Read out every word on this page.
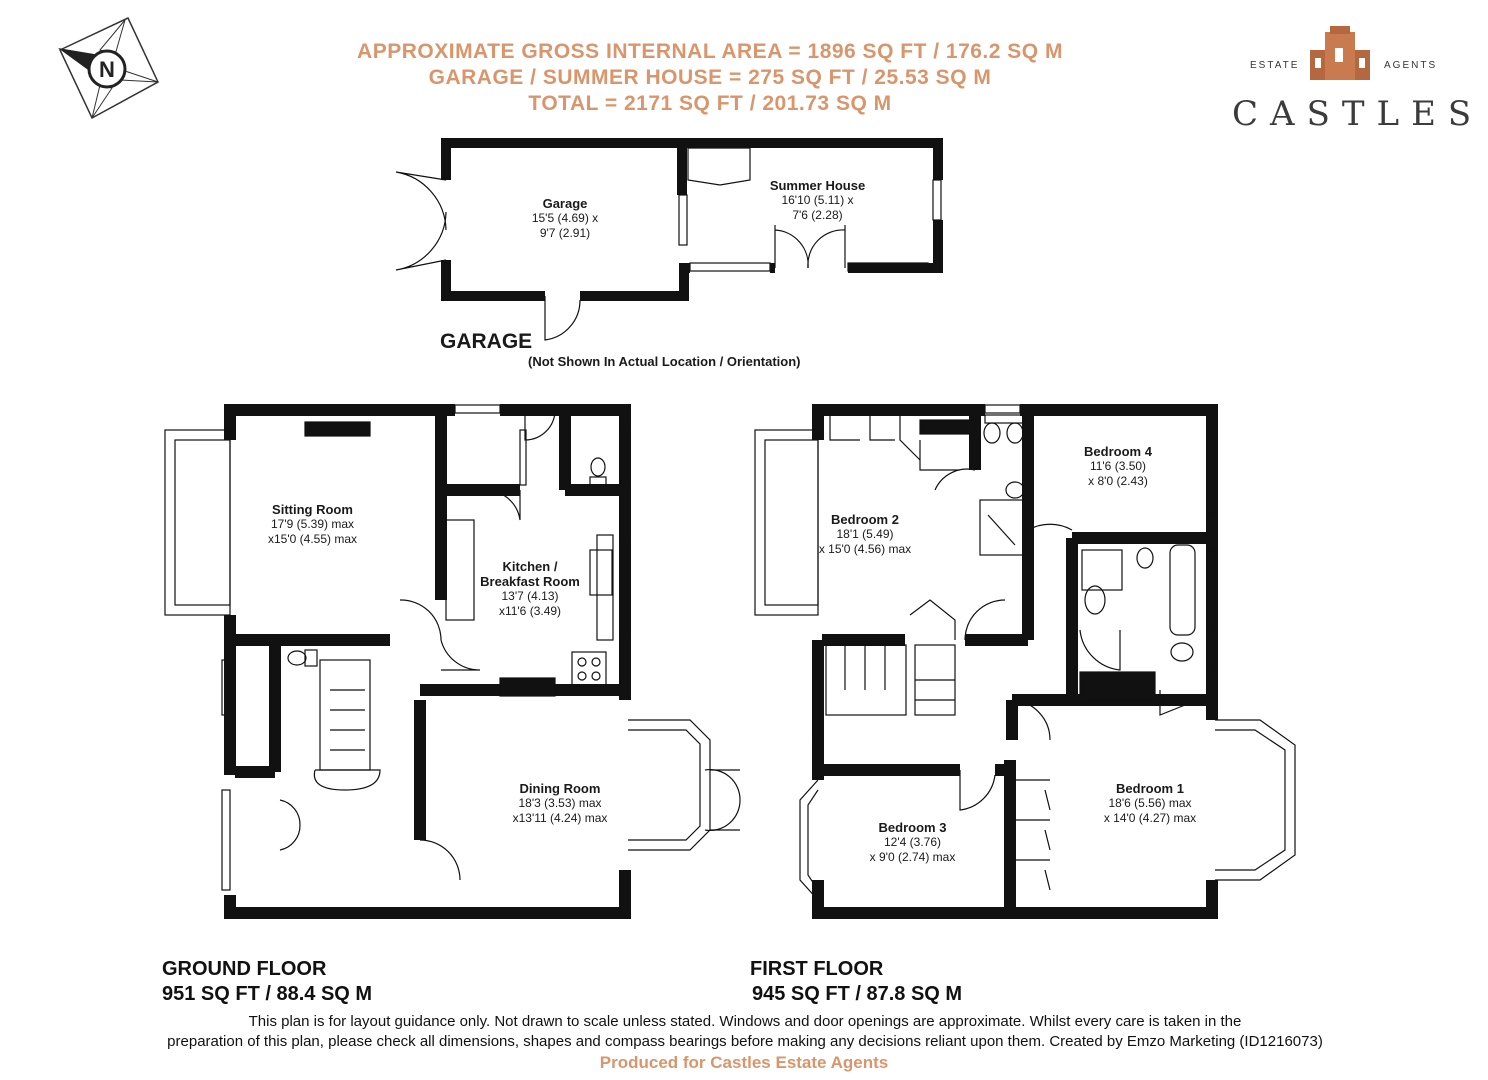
N
APPROXIMATE GROSS INTERNAL AREA = 1896 SQ FT / 176.2 SQ M
GARAGE / SUMMER HOUSE = 275 SQ FT / 25.53 SQ M
TOTAL = 2171 SQ FT / 201.73 SQ M
ESTATE	AGENTS
CASTLES
Garage
15'5 (4.69) x
9'7 (2.91)
Summer House
16'10 (5.11) x
7'6 (2.28)
GARAGE
(Not Shown In Actual Location / Orientation)
Sitting Room
17'9 (5.39) max
x15'0 (4.55) max
Kitchen /
Breakfast Room
13'7 (4.13)
x11'6 (3.49)
Dining Room
18'3 (3.53) max
x13'11 (4.24) max
GROUND FLOOR
951 SQ FT / 88.4 SQ M
Bedroom 2
18'1 (5.49)
x 15'0 (4.56) max
Bedroom 4
11'6 (3.50)
x 8'0 (2.43)
Bedroom 1
18'6 (5.56) max
x 14'0 (4.27) max
Bedroom 3
12'4 (3.76)
x 9'0 (2.74) max
FIRST FLOOR
945 SQ FT / 87.8 SQ M
This plan is for layout guidance only. Not drawn to scale unless stated. Windows and door openings are approximate. Whilst every care is taken in the
preparation of this plan, please check all dimensions, shapes and compass bearings before making any decisions reliant upon them. Created by Emzo Marketing (ID1216073)
Produced for Castles Estate Agents
